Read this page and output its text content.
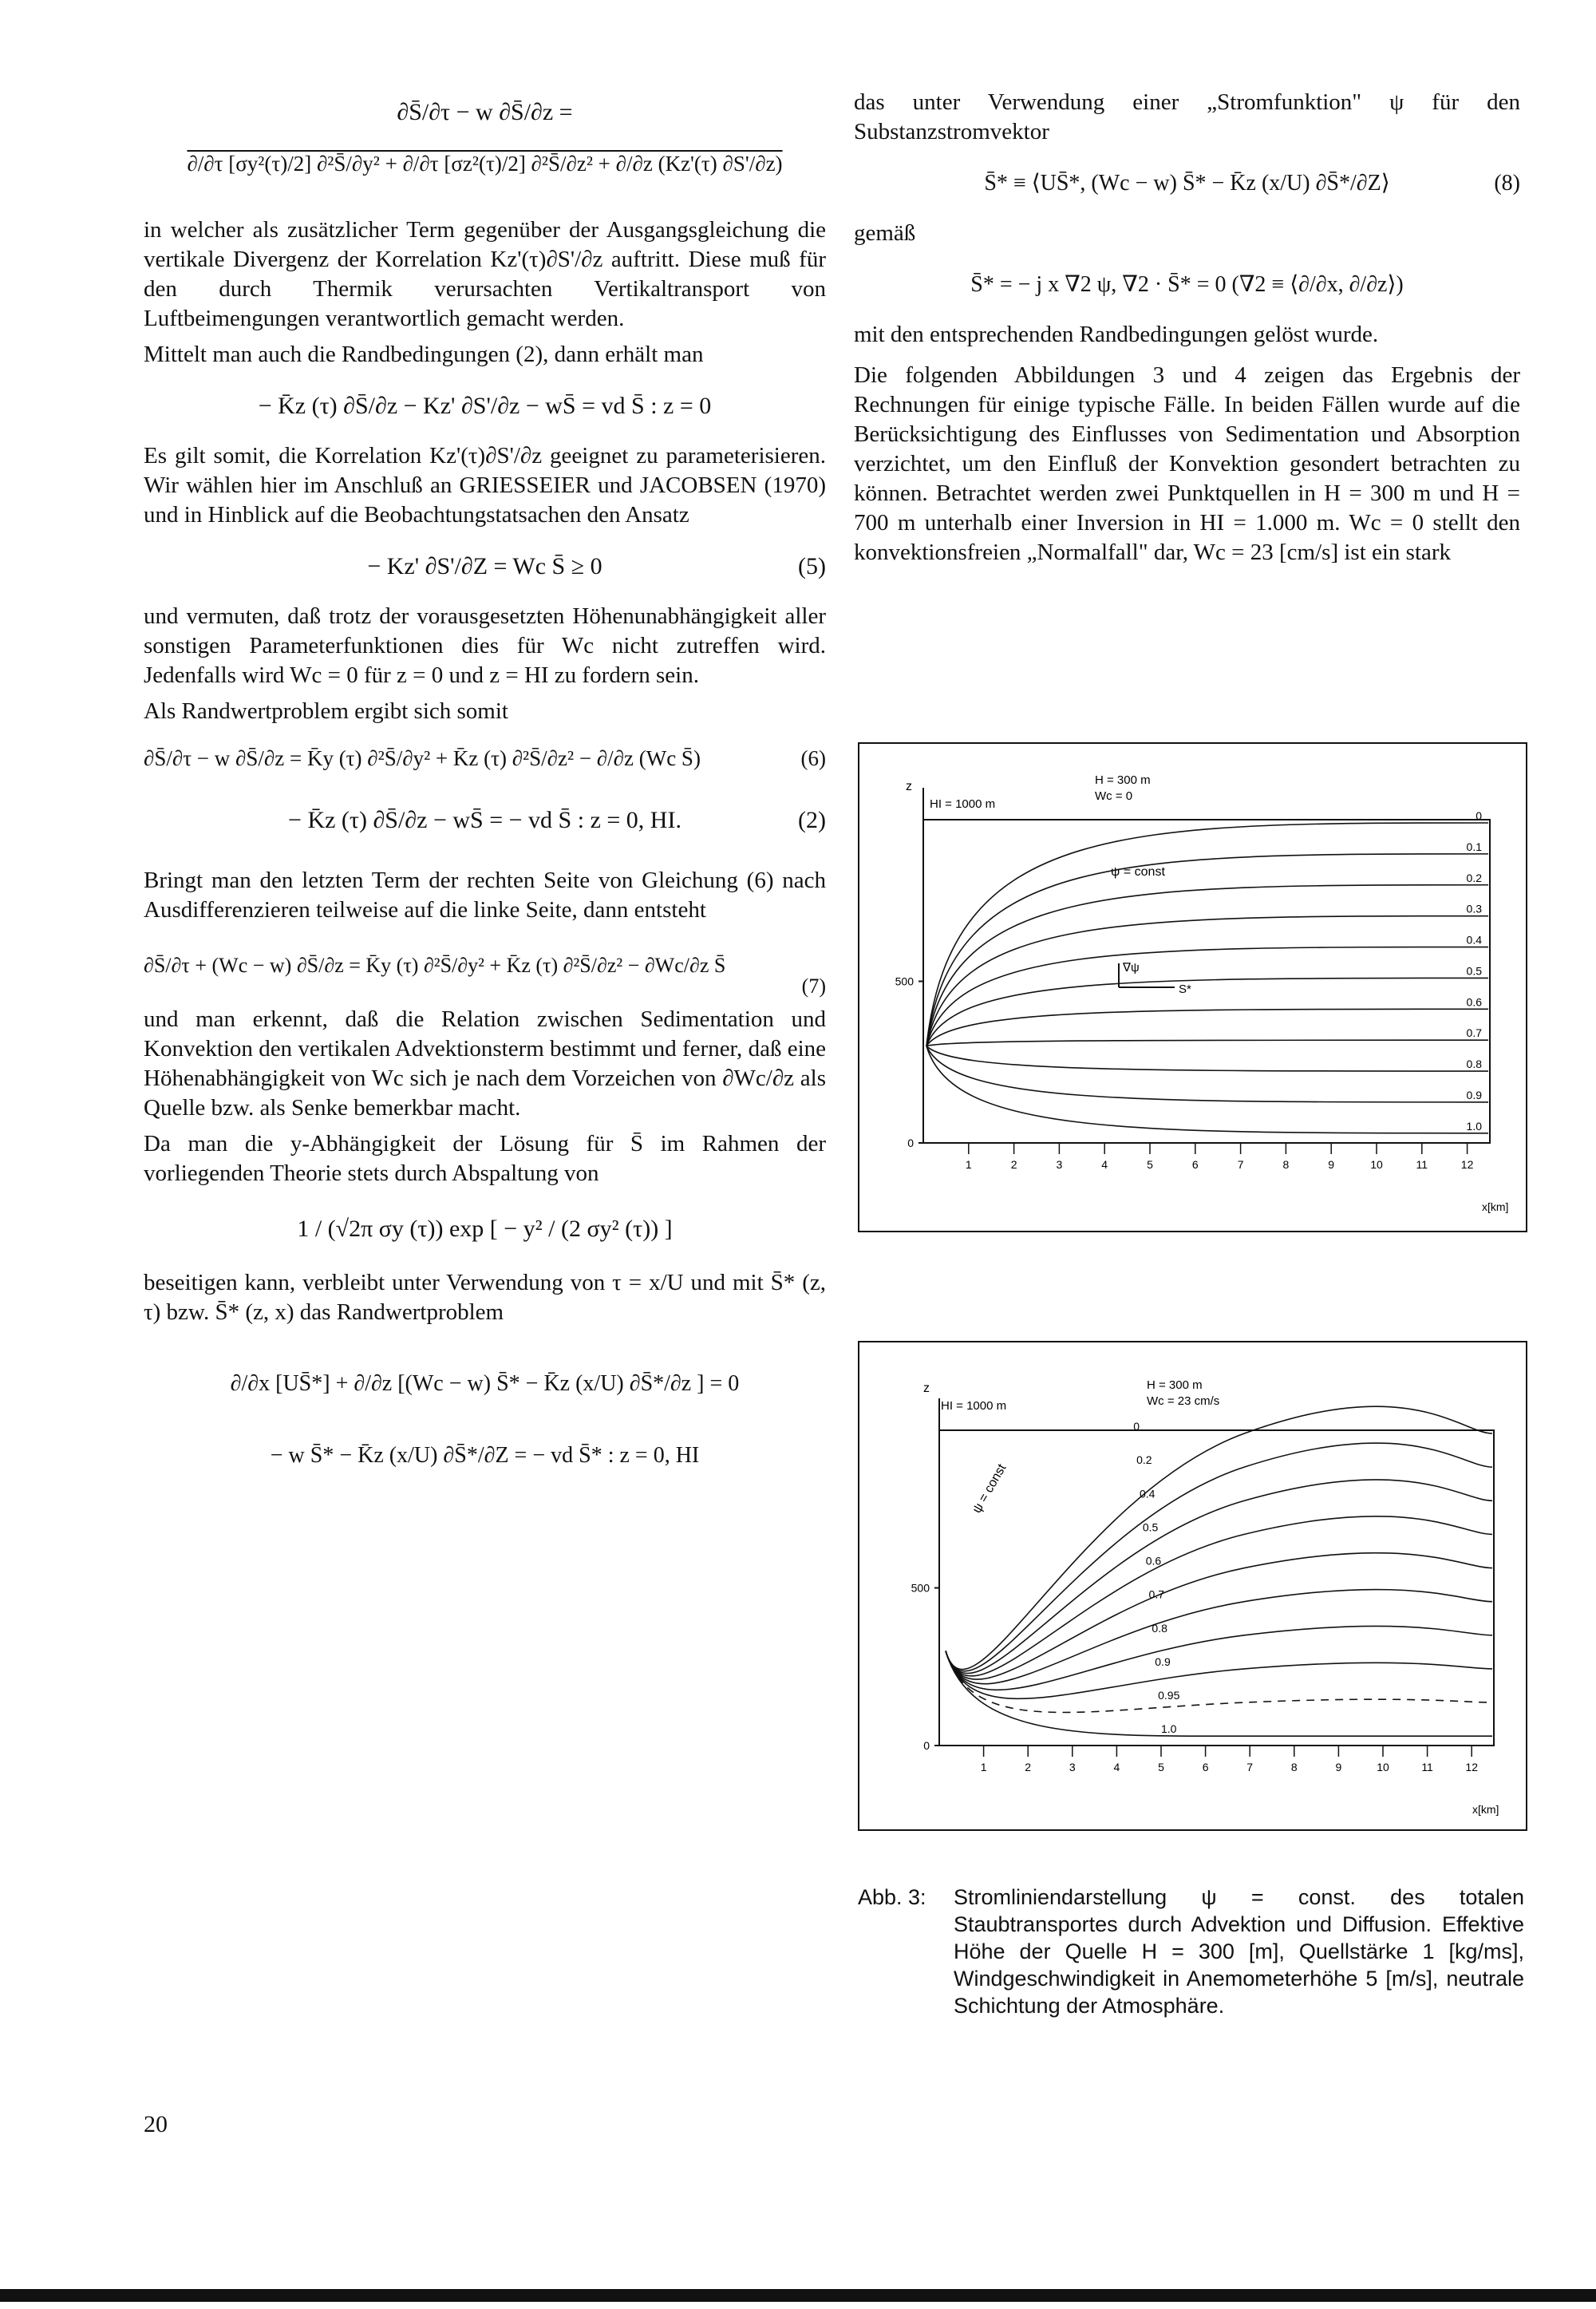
∂S̄/∂τ − w ∂S̄/∂z =
∂/∂τ [σy²(τ)/2] ∂²S̄/∂y² + ∂/∂τ [σz²(τ)/2] ∂²S̄/∂z² + ∂/∂z (Kz'(τ) ∂S'/∂z)

in welcher als zusätzlicher Term gegenüber der Ausgangsgleichung die vertikale Divergenz der Korrelation Kz'(τ)∂S'/∂z auftritt. Diese muß für den durch Thermik verursachten Vertikaltransport von Luftbeimengungen verantwortlich gemacht werden.

Mittelt man auch die Randbedingungen (2), dann erhält man

− K̄z (τ) ∂S̄/∂z − Kz' ∂S'/∂z − wS̄ = vd S̄ : z = 0

Es gilt somit, die Korrelation Kz'(τ)∂S'/∂z geeignet zu parameterisieren. Wir wählen hier im Anschluß an GRIESSEIER und JACOBSEN (1970) und in Hinblick auf die Beobachtungstatsachen den Ansatz

− Kz' ∂S'/∂Z = Wc S̄ ≥ 0	(5)

und vermuten, daß trotz der vorausgesetzten Höhenunabhängigkeit aller sonstigen Parameterfunktionen dies für Wc nicht zutreffen wird. Jedenfalls wird Wc = 0 für z = 0 und z = HI zu fordern sein.

Als Randwertproblem ergibt sich somit

∂S̄/∂τ − w ∂S̄/∂z = K̄y (τ) ∂²S̄/∂y² + K̄z (τ) ∂²S̄/∂z² − ∂/∂z (Wc S̄)	(6)
− K̄z (τ) ∂S̄/∂z − wS̄ = − vd S̄ : z = 0, HI.	(2)

Bringt man den letzten Term der rechten Seite von Gleichung (6) nach Ausdifferenzieren teilweise auf die linke Seite, dann entsteht

∂S̄/∂τ + (Wc − w) ∂S̄/∂z = K̄y (τ) ∂²S̄/∂y² + K̄z (τ) ∂²S̄/∂z² − ∂Wc/∂z S̄
(7)

und man erkennt, daß die Relation zwischen Sedimentation und Konvektion den vertikalen Advektionsterm bestimmt und ferner, daß eine Höhenabhängigkeit von Wc sich je nach dem Vorzeichen von ∂Wc/∂z als Quelle bzw. als Senke bemerkbar macht.

Da man die y-Abhängigkeit der Lösung für S̄ im Rahmen der vorliegenden Theorie stets durch Abspaltung von

1 / (√2π σy (τ)) exp [ − y² / (2 σy² (τ)) ]

beseitigen kann, verbleibt unter Verwendung von τ = x/U und mit S̄* (z, τ) bzw. S̄* (z, x) das Randwertproblem

∂/∂x [US̄*] + ∂/∂z [(Wc − w) S̄* − K̄z (x/U) ∂S̄*/∂z ] = 0
− w S̄* − K̄z (x/U) ∂S̄*/∂Z = − vd S̄* : z = 0, HI
20

das unter Verwendung einer „Stromfunktion" ψ für den Substanzstromvektor

S̄* ≡ ⟨US̄*, (Wc − w) S̄* − K̄z (x/U) ∂S̄*/∂Z⟩	(8)

gemäß

S̄* = − j x ∇2 ψ, ∇2 · S̄* = 0 (∇2 ≡ ⟨∂/∂x, ∂/∂z⟩)

mit den entsprechenden Randbedingungen gelöst wurde.

Die folgenden Abbildungen 3 und 4 zeigen das Ergebnis der Rechnungen für einige typische Fälle. In beiden Fällen wurde auf die Berücksichtigung des Einflusses von Sedimentation und Absorption verzichtet, um den Einfluß der Konvektion gesondert betrachten zu können. Betrachtet werden zwei Punktquellen in H = 300 m und H = 700 m unterhalb einer Inversion in HI = 1.000 m. Wc = 0 stellt den konvektionsfreien „Normalfall" dar, Wc = 23 [cm/s] ist ein stark

z
HI = 1000 m
H = 300 m
Wc = 0
ψ = const
∇ψ
S*
0
500
1	2	3	4	5	6	7	8	9	10	11	12
0
0.1
0.2
0.3
0.4
0.5
0.6
0.7
0.8
0.9
1.0
x[km]
z
HI = 1000 m
H = 300 m
Wc = 23 cm/s
ψ = const
0
500
1	2	3	4	5	6	7	8	9	10	11	12
0
0.2
0.4
0.5
0.6
0.7
0.8
0.9
0.95
1.0
x[km]
Abb. 3:	Stromliniendarstellung ψ = const. des totalen Staubtransportes durch Advektion und Diffusion. Effektive Höhe der Quelle H = 300 [m], Quellstärke 1 [kg/ms], Windgeschwindigkeit in Anemometerhöhe 5 [m/s], neutrale Schichtung der Atmosphäre.
